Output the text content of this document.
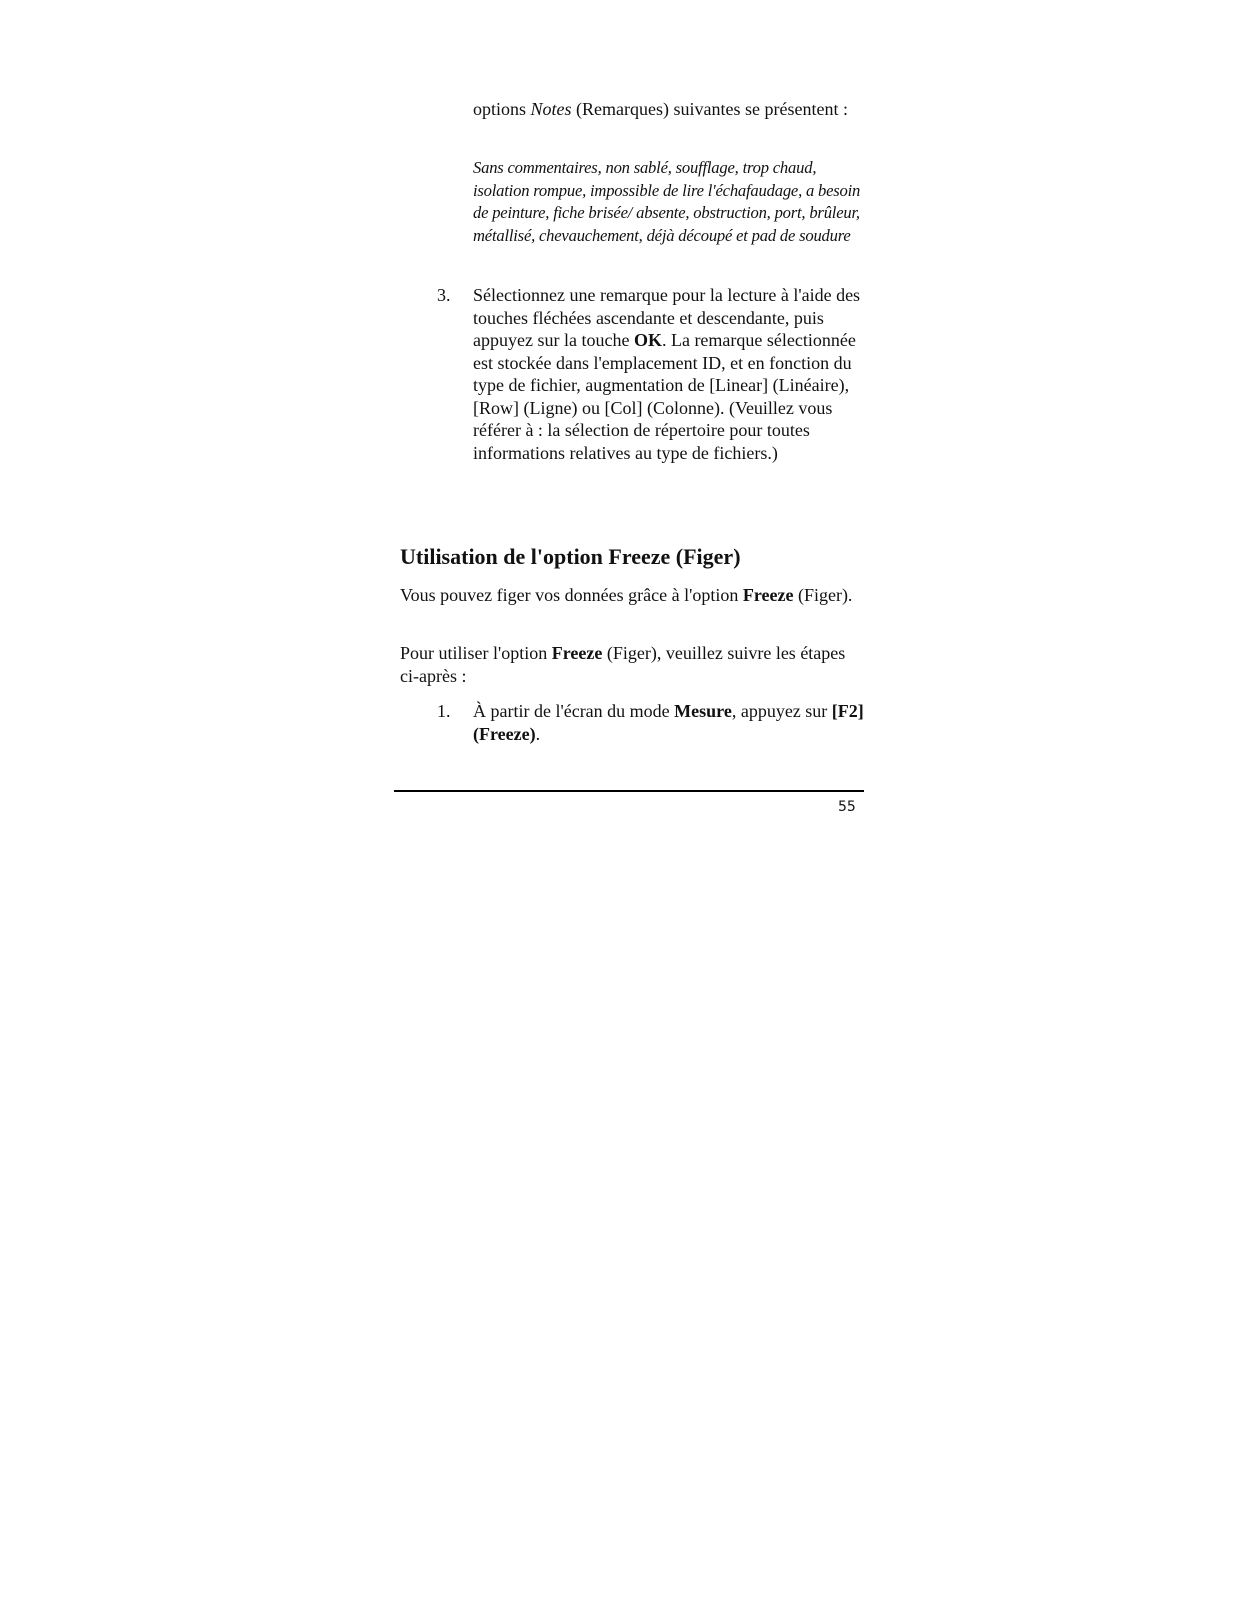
options Notes (Remarques) suivantes se présentent :

Sans commentaires, non sablé, soufflage, trop chaud, isolation rompue, impossible de lire l'échafaudage, a besoin de peinture, fiche brisée/ absente, obstruction, port, brûleur, métallisé, chevauchement, déjà découpé et pad de soudure

3. Sélectionnez une remarque pour la lecture à l'aide des touches fléchées ascendante et descendante, puis appuyez sur la touche OK. La remarque sélectionnée est stockée dans l'emplacement ID, et en fonction du type de fichier, augmentation de [Linear] (Linéaire), [Row] (Ligne) ou [Col] (Colonne). (Veuillez vous référer à : la sélection de répertoire pour toutes informations relatives au type de fichiers.)

Utilisation de l'option Freeze (Figer)

Vous pouvez figer vos données grâce à l'option Freeze (Figer).

Pour utiliser l'option Freeze (Figer), veuillez suivre les étapes ci-après :

1. À partir de l'écran du mode Mesure, appuyez sur [F2] (Freeze).

55
